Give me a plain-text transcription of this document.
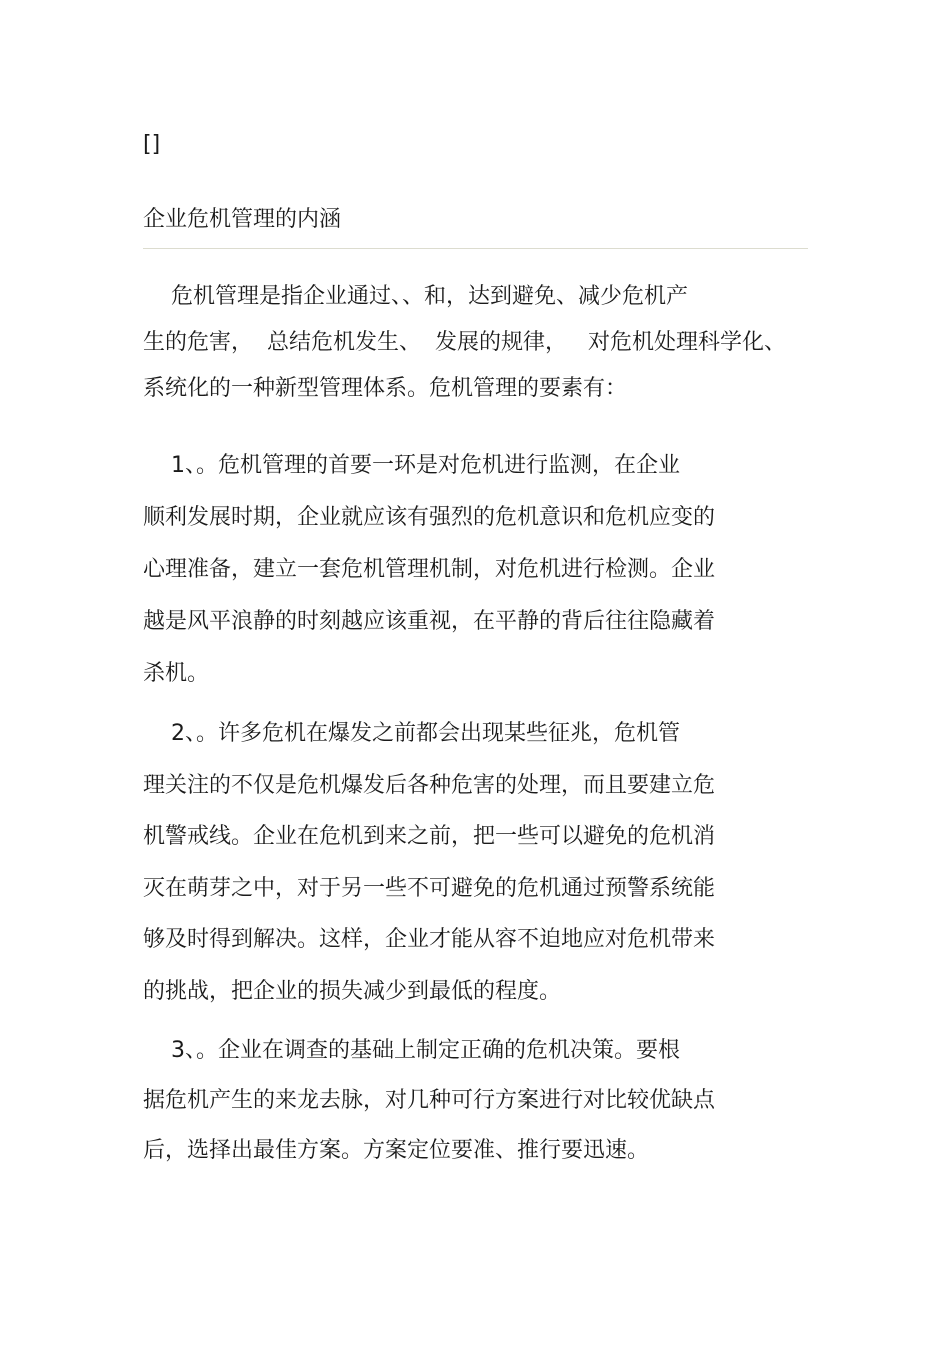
[]

企业危机管理的内涵

危机管理是指企业通过、、和，达到避免、减少危机产
生的危害，  总结危机发生、  发展的规律，   对危机处理科学化、
系统化的一种新型管理体系。危机管理的要素有：

1、。危机管理的首要一环是对危机进行监测，在企业
顺利发展时期，企业就应该有强烈的危机意识和危机应变的
心理准备，建立一套危机管理机制，对危机进行检测。企业
越是风平浪静的时刻越应该重视，在平静的背后往往隐藏着
杀机。

2、。许多危机在爆发之前都会出现某些征兆，危机管
理关注的不仅是危机爆发后各种危害的处理，而且要建立危
机警戒线。企业在危机到来之前，把一些可以避免的危机消
灭在萌芽之中，对于另一些不可避免的危机通过预警系统能
够及时得到解决。这样，企业才能从容不迫地应对危机带来
的挑战，把企业的损失减少到最低的程度。

3、。企业在调查的基础上制定正确的危机决策。要根
据危机产生的来龙去脉，对几种可行方案进行对比较优缺点
后，选择出最佳方案。方案定位要准、推行要迅速。
